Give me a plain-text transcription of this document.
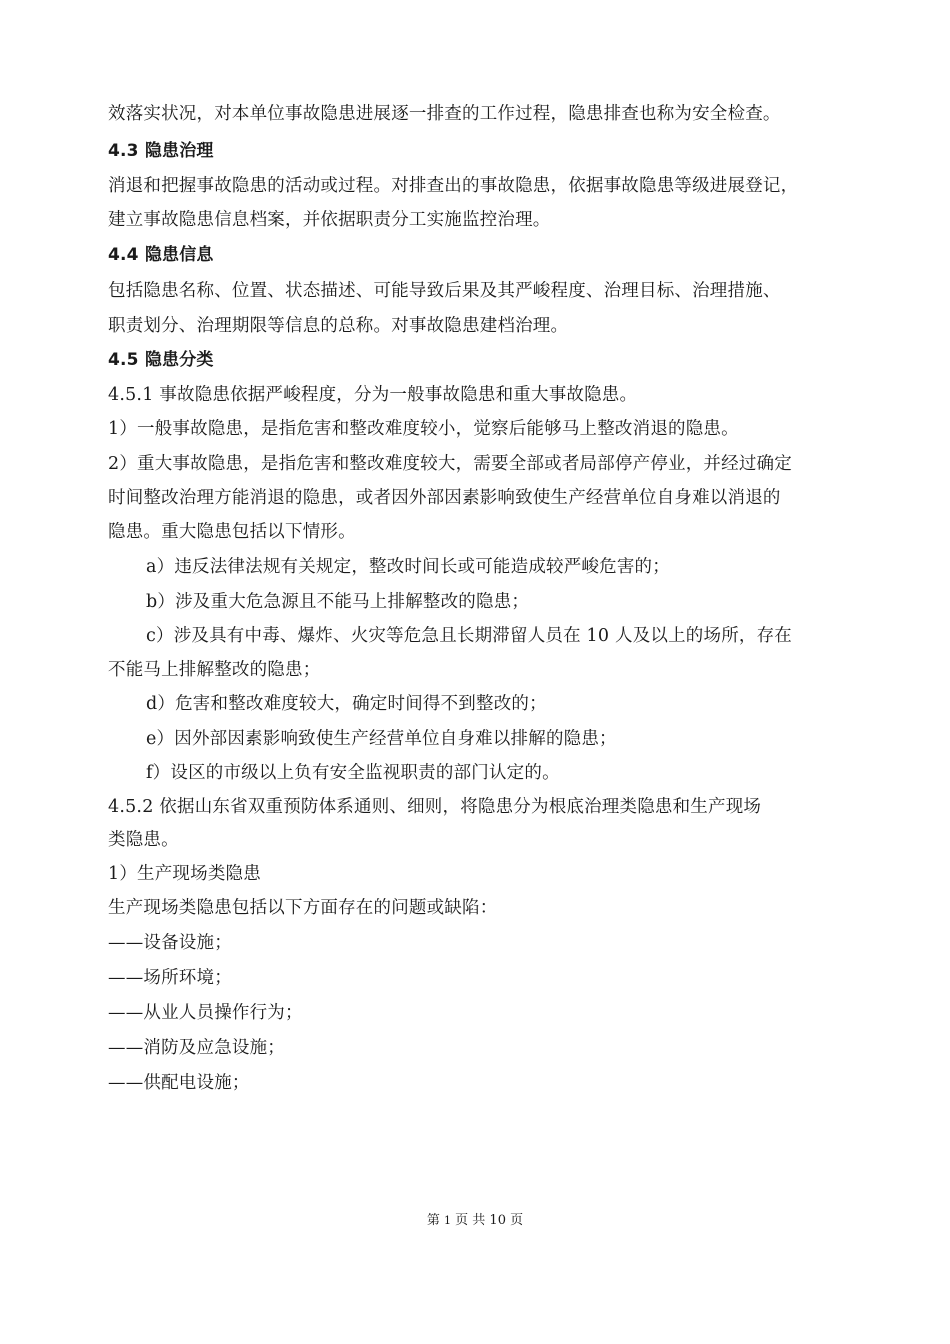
效落实状况，对本单位事故隐患进展逐一排查的工作过程，隐患排查也称为安全检查。
4.3 隐患治理
消退和把握事故隐患的活动或过程。对排查出的事故隐患，依据事故隐患等级进展登记，
建立事故隐患信息档案，并依据职责分工实施监控治理。
4.4 隐患信息
包括隐患名称、位置、状态描述、可能导致后果及其严峻程度、治理目标、治理措施、
职责划分、治理期限等信息的总称。对事故隐患建档治理。
4.5 隐患分类
4.5.1 事故隐患依据严峻程度，分为一般事故隐患和重大事故隐患。
1）一般事故隐患，是指危害和整改难度较小，觉察后能够马上整改消退的隐患。
2）重大事故隐患，是指危害和整改难度较大，需要全部或者局部停产停业，并经过确定
时间整改治理方能消退的隐患，或者因外部因素影响致使生产经营单位自身难以消退的
隐患。重大隐患包括以下情形。
a）违反法律法规有关规定，整改时间长或可能造成较严峻危害的；
b）涉及重大危急源且不能马上排解整改的隐患；
c）涉及具有中毒、爆炸、火灾等危急且长期滞留人员在 10 人及以上的场所，存在
不能马上排解整改的隐患；
d）危害和整改难度较大，确定时间得不到整改的；
e）因外部因素影响致使生产经营单位自身难以排解的隐患；
f）设区的市级以上负有安全监视职责的部门认定的。
4.5.2 依据山东省双重预防体系通则、细则，将隐患分为根底治理类隐患和生产现场
类隐患。
1）生产现场类隐患
生产现场类隐患包括以下方面存在的问题或缺陷：
——设备设施；
——场所环境；
——从业人员操作行为；
——消防及应急设施；
——供配电设施；
第 1 页 共 10 页
